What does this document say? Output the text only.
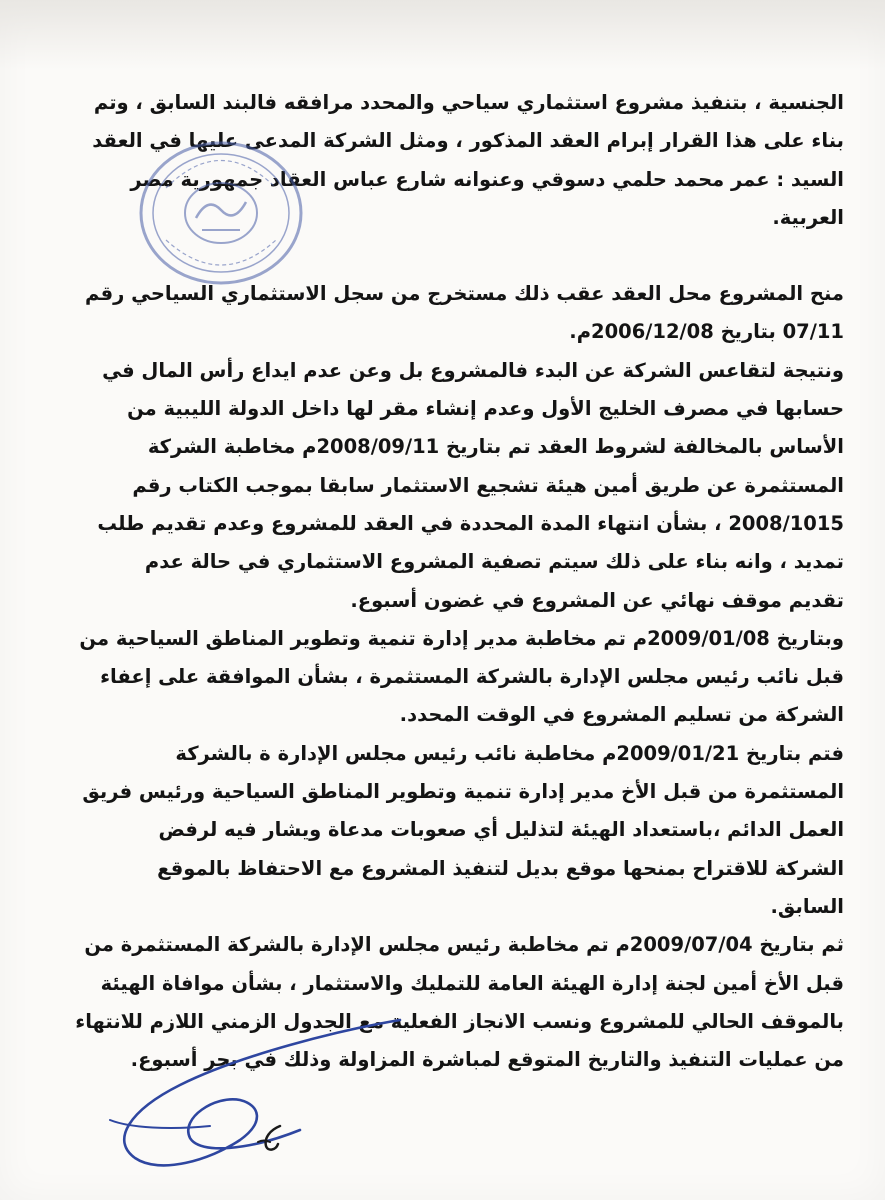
الجنسية ، بتنفيذ مشروع استثماري سياحي والمحدد مرافقه فالبند السابق ، وتم
بناء على هذا القرار إبرام العقد المذكور ، ومثل الشركة المدعى عليها في العقد
السيد : عمر محمد حلمي دسوقي وعنوانه شارع عباس العقاد جمهورية مصر
العربية.

منح المشروع محل العقد عقب ذلك مستخرج من سجل الاستثماري السياحي رقم
07/11 بتاريخ 2006/12/08م.

ونتيجة لتقاعس الشركة عن البدء فالمشروع بل وعن عدم ايداع رأس المال في
حسابها في مصرف الخليج الأول وعدم إنشاء مقر لها داخل الدولة الليبية من
الأساس بالمخالفة لشروط العقد تم بتاريخ 2008/09/11م مخاطبة الشركة
المستثمرة عن طريق أمين هيئة تشجيع الاستثمار سابقا بموجب الكتاب رقم
2008/1015 ، بشأن انتهاء المدة المحددة في العقد للمشروع وعدم تقديم طلب
تمديد ، وانه بناء على ذلك سيتم تصفية المشروع الاستثماري في حالة عدم
تقديم موقف نهائي عن المشروع في غضون أسبوع.

وبتاريخ 2009/01/08م تم مخاطبة مدير إدارة تنمية وتطوير المناطق السياحية من
قبل نائب رئيس مجلس الإدارة بالشركة المستثمرة ، بشأن الموافقة على إعفاء
الشركة من تسليم المشروع في الوقت المحدد.

فتم بتاريخ 2009/01/21م مخاطبة نائب رئيس مجلس الإدارة ة بالشركة
المستثمرة من قبل الأخ مدير إدارة تنمية وتطوير المناطق السياحية ورئيس فريق
العمل الدائم ،باستعداد الهيئة لتذليل أي صعوبات مدعاة ويشار فيه لرفض
الشركة للاقتراح بمنحها موقع بديل لتنفيذ المشروع مع الاحتفاظ بالموقع
السابق.

ثم بتاريخ 2009/07/04م تم مخاطبة رئيس مجلس الإدارة بالشركة المستثمرة من
قبل الأخ أمين لجنة إدارة الهيئة العامة للتمليك والاستثمار ، بشأن موافاة الهيئة
بالموقف الحالي للمشروع ونسب الانجاز الفعلية مع الجدول الزمني اللازم للانتهاء
من عمليات التنفيذ والتاريخ المتوقع لمباشرة المزاولة وذلك في بحر أسبوع.
